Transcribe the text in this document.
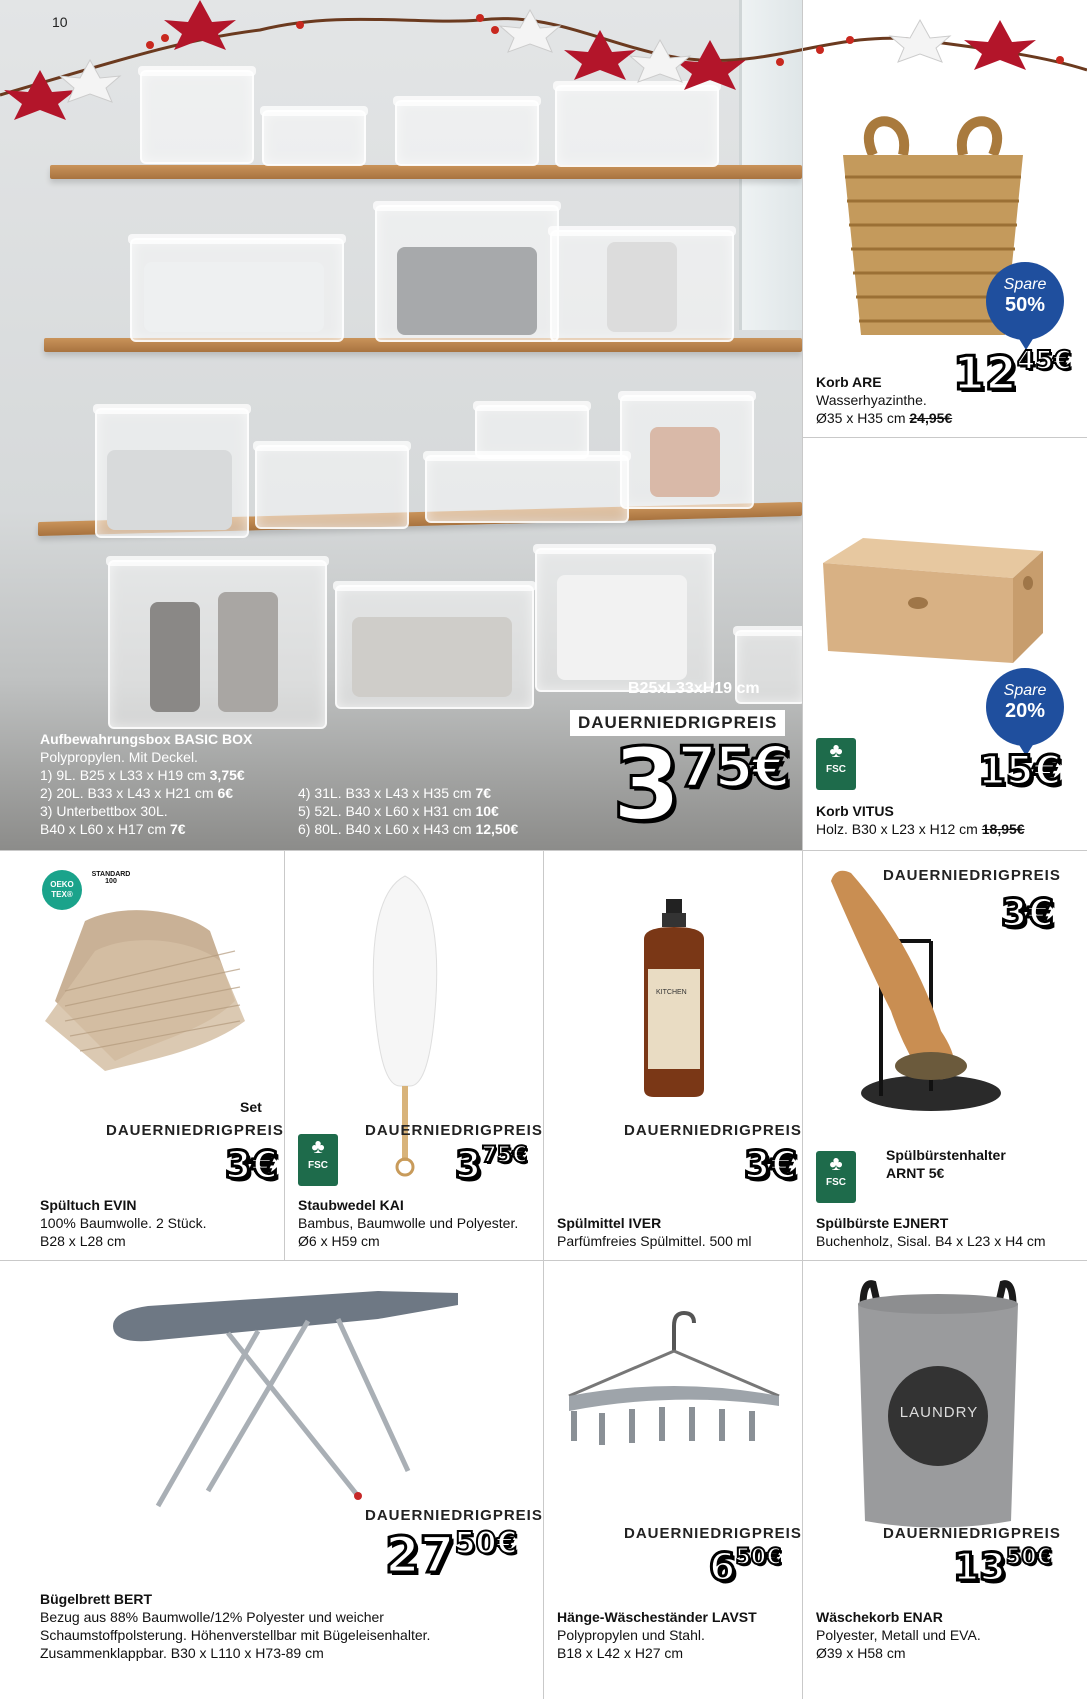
10
B25xL33xH19 cm
DAUERNIEDRIGPREIS
375€
Aufbewahrungsbox BASIC BOX
Polypropylen. Mit Deckel.
1) 9L. B25 x L33 x H19 cm 3,75€
2) 20L. B33 x L43 x H21 cm 6€
3) Unterbettbox 30L.
B40 x L60 x H17 cm 7€
4) 31L. B33 x L43 x H35 cm 7€
5) 52L. B40 x L60 x H31 cm 10€
6) 80L. B40 x L60 x H43 cm 12,50€
Spare
50%
1245€
Korb ARE
Wasserhyazinthe.
Ø35 x H35 cm 24,95€
Spare
20%
♣
FSC	15€
Korb VITUS
Holz. B30 x L23 x H12 cm 18,95€
OEKO TEX®
STANDARD 100
Set
DAUERNIEDRIGPREIS
3€
Spültuch EVIN
100% Baumwolle. 2 Stück.
B28 x L28 cm
♣
FSC
DAUERNIEDRIGPREIS
375€
Staubwedel KAI
Bambus, Baumwolle und Polyester.
Ø6 x H59 cm
KITCHEN
DAUERNIEDRIGPREIS
3€
Spülmittel IVER
Parfümfreies Spülmittel. 500 ml
DAUERNIEDRIGPREIS
3€
♣
FSC
Spülbürstenhalter
ARNT 5€
Spülbürste EJNERT
Buchenholz, Sisal. B4 x L23 x H4 cm
DAUERNIEDRIGPREIS
2750€
Bügelbrett BERT
Bezug aus 88% Baumwolle/12% Polyester und weicher
Schaumstoffpolsterung. Höhenverstellbar mit Bügeleisenhalter.
Zusammenklappbar. B30 x L110 x H73-89 cm
DAUERNIEDRIGPREIS
650€
Hänge-Wäscheständer LAVST
Polypropylen und Stahl.
B18 x L42 x H27 cm
LAUNDRY
DAUERNIEDRIGPREIS
1350€
Wäschekorb ENAR
Polyester, Metall und EVA.
Ø39 x H58 cm
